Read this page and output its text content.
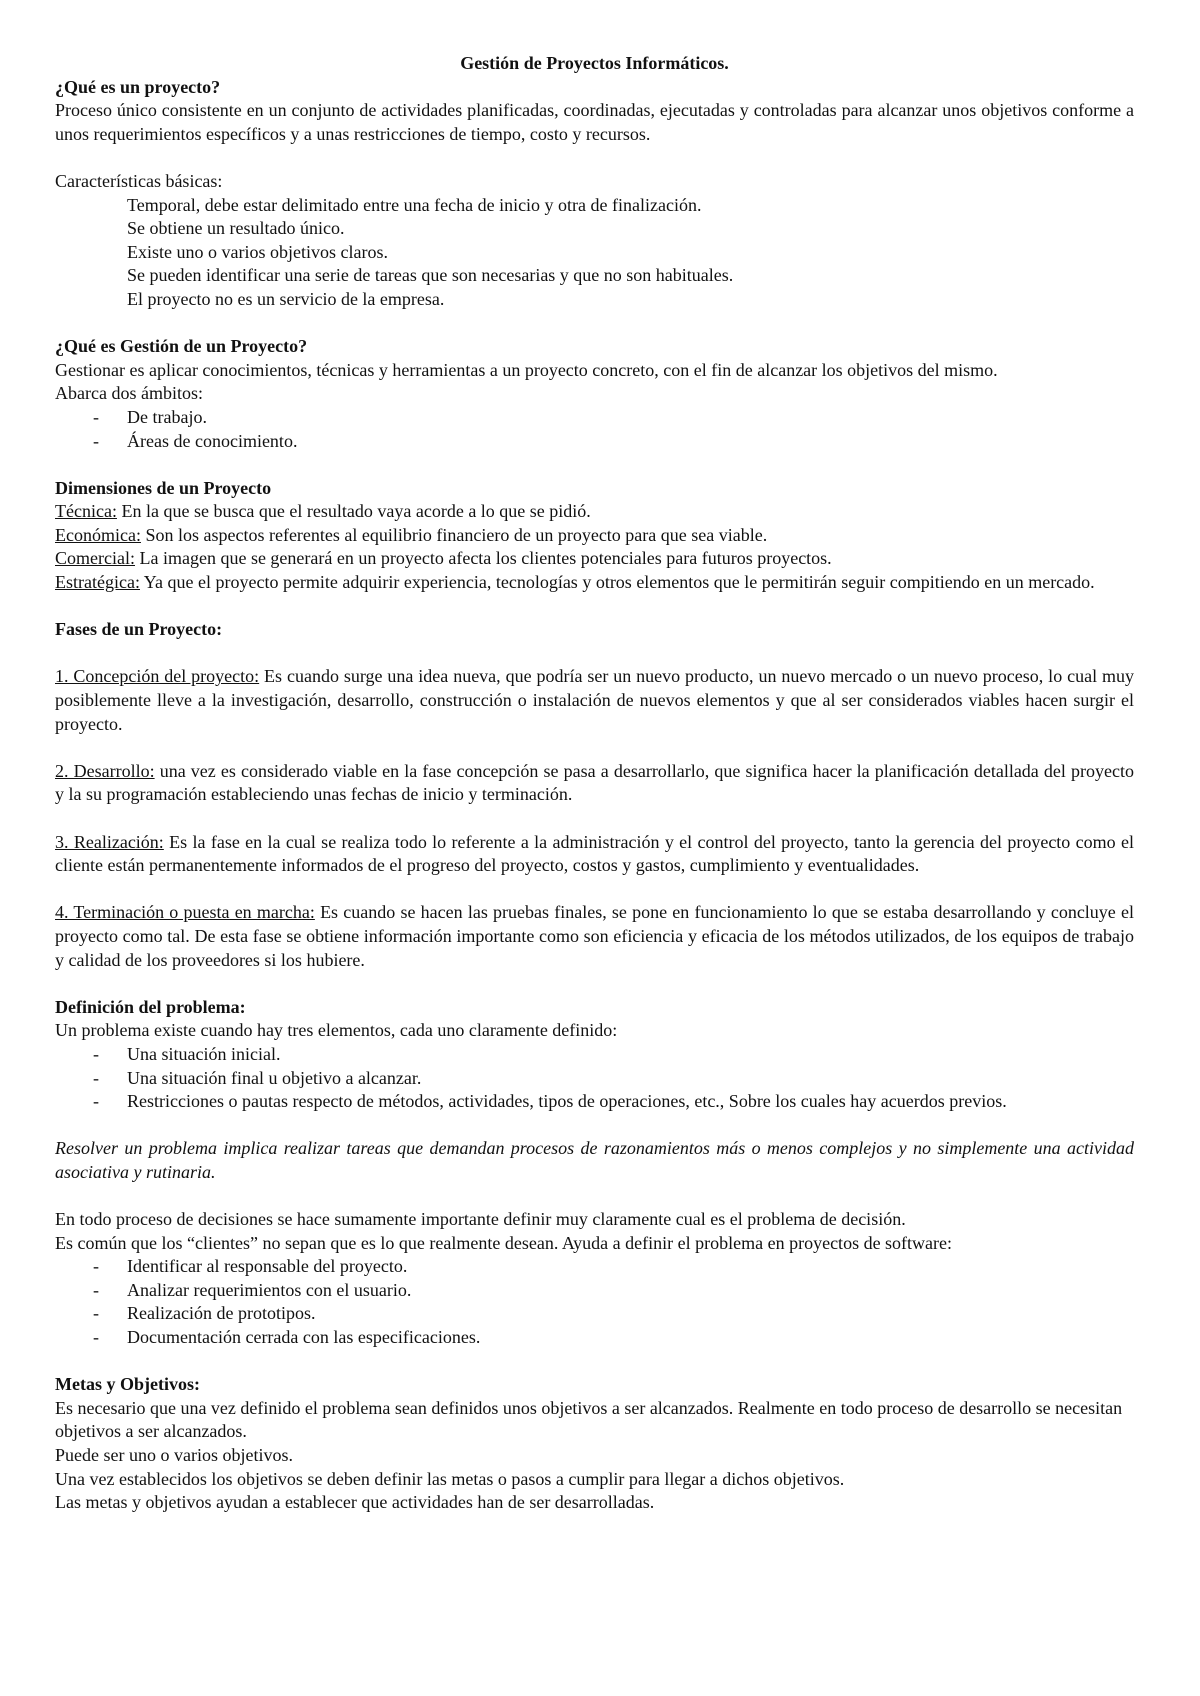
Gestión de Proyectos Informáticos.

¿Qué es un proyecto?

Proceso único consistente en un conjunto de actividades planificadas, coordinadas, ejecutadas y controladas para alcanzar unos objetivos conforme a unos requerimientos específicos y a unas restricciones de tiempo, costo y recursos.

Características básicas:

Temporal, debe estar delimitado entre una fecha de inicio y otra de finalización.
Se obtiene un resultado único.
Existe uno o varios objetivos claros.
Se pueden identificar una serie de tareas que son necesarias y que no son habituales.
El proyecto no es un servicio de la empresa.

¿Qué es Gestión de un Proyecto?

Gestionar es aplicar conocimientos, técnicas y herramientas a un proyecto concreto, con el fin de alcanzar los objetivos del mismo.

Abarca dos ámbitos:

- De trabajo.
- Áreas de conocimiento.

Dimensiones de un Proyecto

Técnica: En la que se busca que el resultado vaya acorde a lo que se pidió.

Económica: Son los aspectos referentes al equilibrio financiero de un proyecto para que sea viable.

Comercial: La imagen que se generará en un proyecto afecta los clientes potenciales para futuros proyectos.

Estratégica: Ya que el proyecto permite adquirir experiencia, tecnologías y otros elementos que le permitirán seguir compitiendo en un mercado.

Fases de un Proyecto:

1. Concepción del proyecto: Es cuando surge una idea nueva, que podría ser un nuevo producto, un nuevo mercado o un nuevo proceso, lo cual muy posiblemente lleve a la investigación, desarrollo, construcción o instalación de nuevos elementos y que al ser considerados viables hacen surgir el proyecto.

2. Desarrollo: una vez es considerado viable en la fase concepción se pasa a desarrollarlo, que significa hacer la planificación detallada del proyecto y la su programación estableciendo unas fechas de inicio y terminación.

3. Realización: Es la fase en la cual se realiza todo lo referente a la administración y el control del proyecto, tanto la gerencia del proyecto como el cliente están permanentemente informados de el progreso del proyecto, costos y gastos, cumplimiento y eventualidades.

4. Terminación o puesta en marcha: Es cuando se hacen las pruebas finales, se pone en funcionamiento lo que se estaba desarrollando y concluye el proyecto como tal. De esta fase se obtiene información importante como son eficiencia y eficacia de los métodos utilizados, de los equipos de trabajo y calidad de los proveedores si los hubiere.

Definición del problema:

Un problema existe cuando hay tres elementos, cada uno claramente definido:

- Una situación inicial.
- Una situación final u objetivo a alcanzar.
- Restricciones o pautas respecto de métodos, actividades, tipos de operaciones, etc., Sobre los cuales hay acuerdos previos.

Resolver un problema implica realizar tareas que demandan procesos de razonamientos más o menos complejos y no simplemente una actividad asociativa y rutinaria.

En todo proceso de decisiones se hace sumamente importante definir muy claramente cual es el problema de decisión.

Es común que los “clientes” no sepan que es lo que realmente desean. Ayuda a definir el problema en proyectos de software:

- Identificar al responsable del proyecto.
- Analizar requerimientos con el usuario.
- Realización de prototipos.
- Documentación cerrada con las especificaciones.

Metas y Objetivos:

Es necesario que una vez definido el problema sean definidos unos objetivos a ser alcanzados. Realmente en todo proceso de desarrollo se necesitan objetivos a ser alcanzados.

Puede ser uno o varios objetivos.

Una vez establecidos los objetivos se deben definir las metas o pasos a cumplir para llegar a dichos objetivos.

Las metas y objetivos ayudan a establecer que actividades han de ser desarrolladas.
